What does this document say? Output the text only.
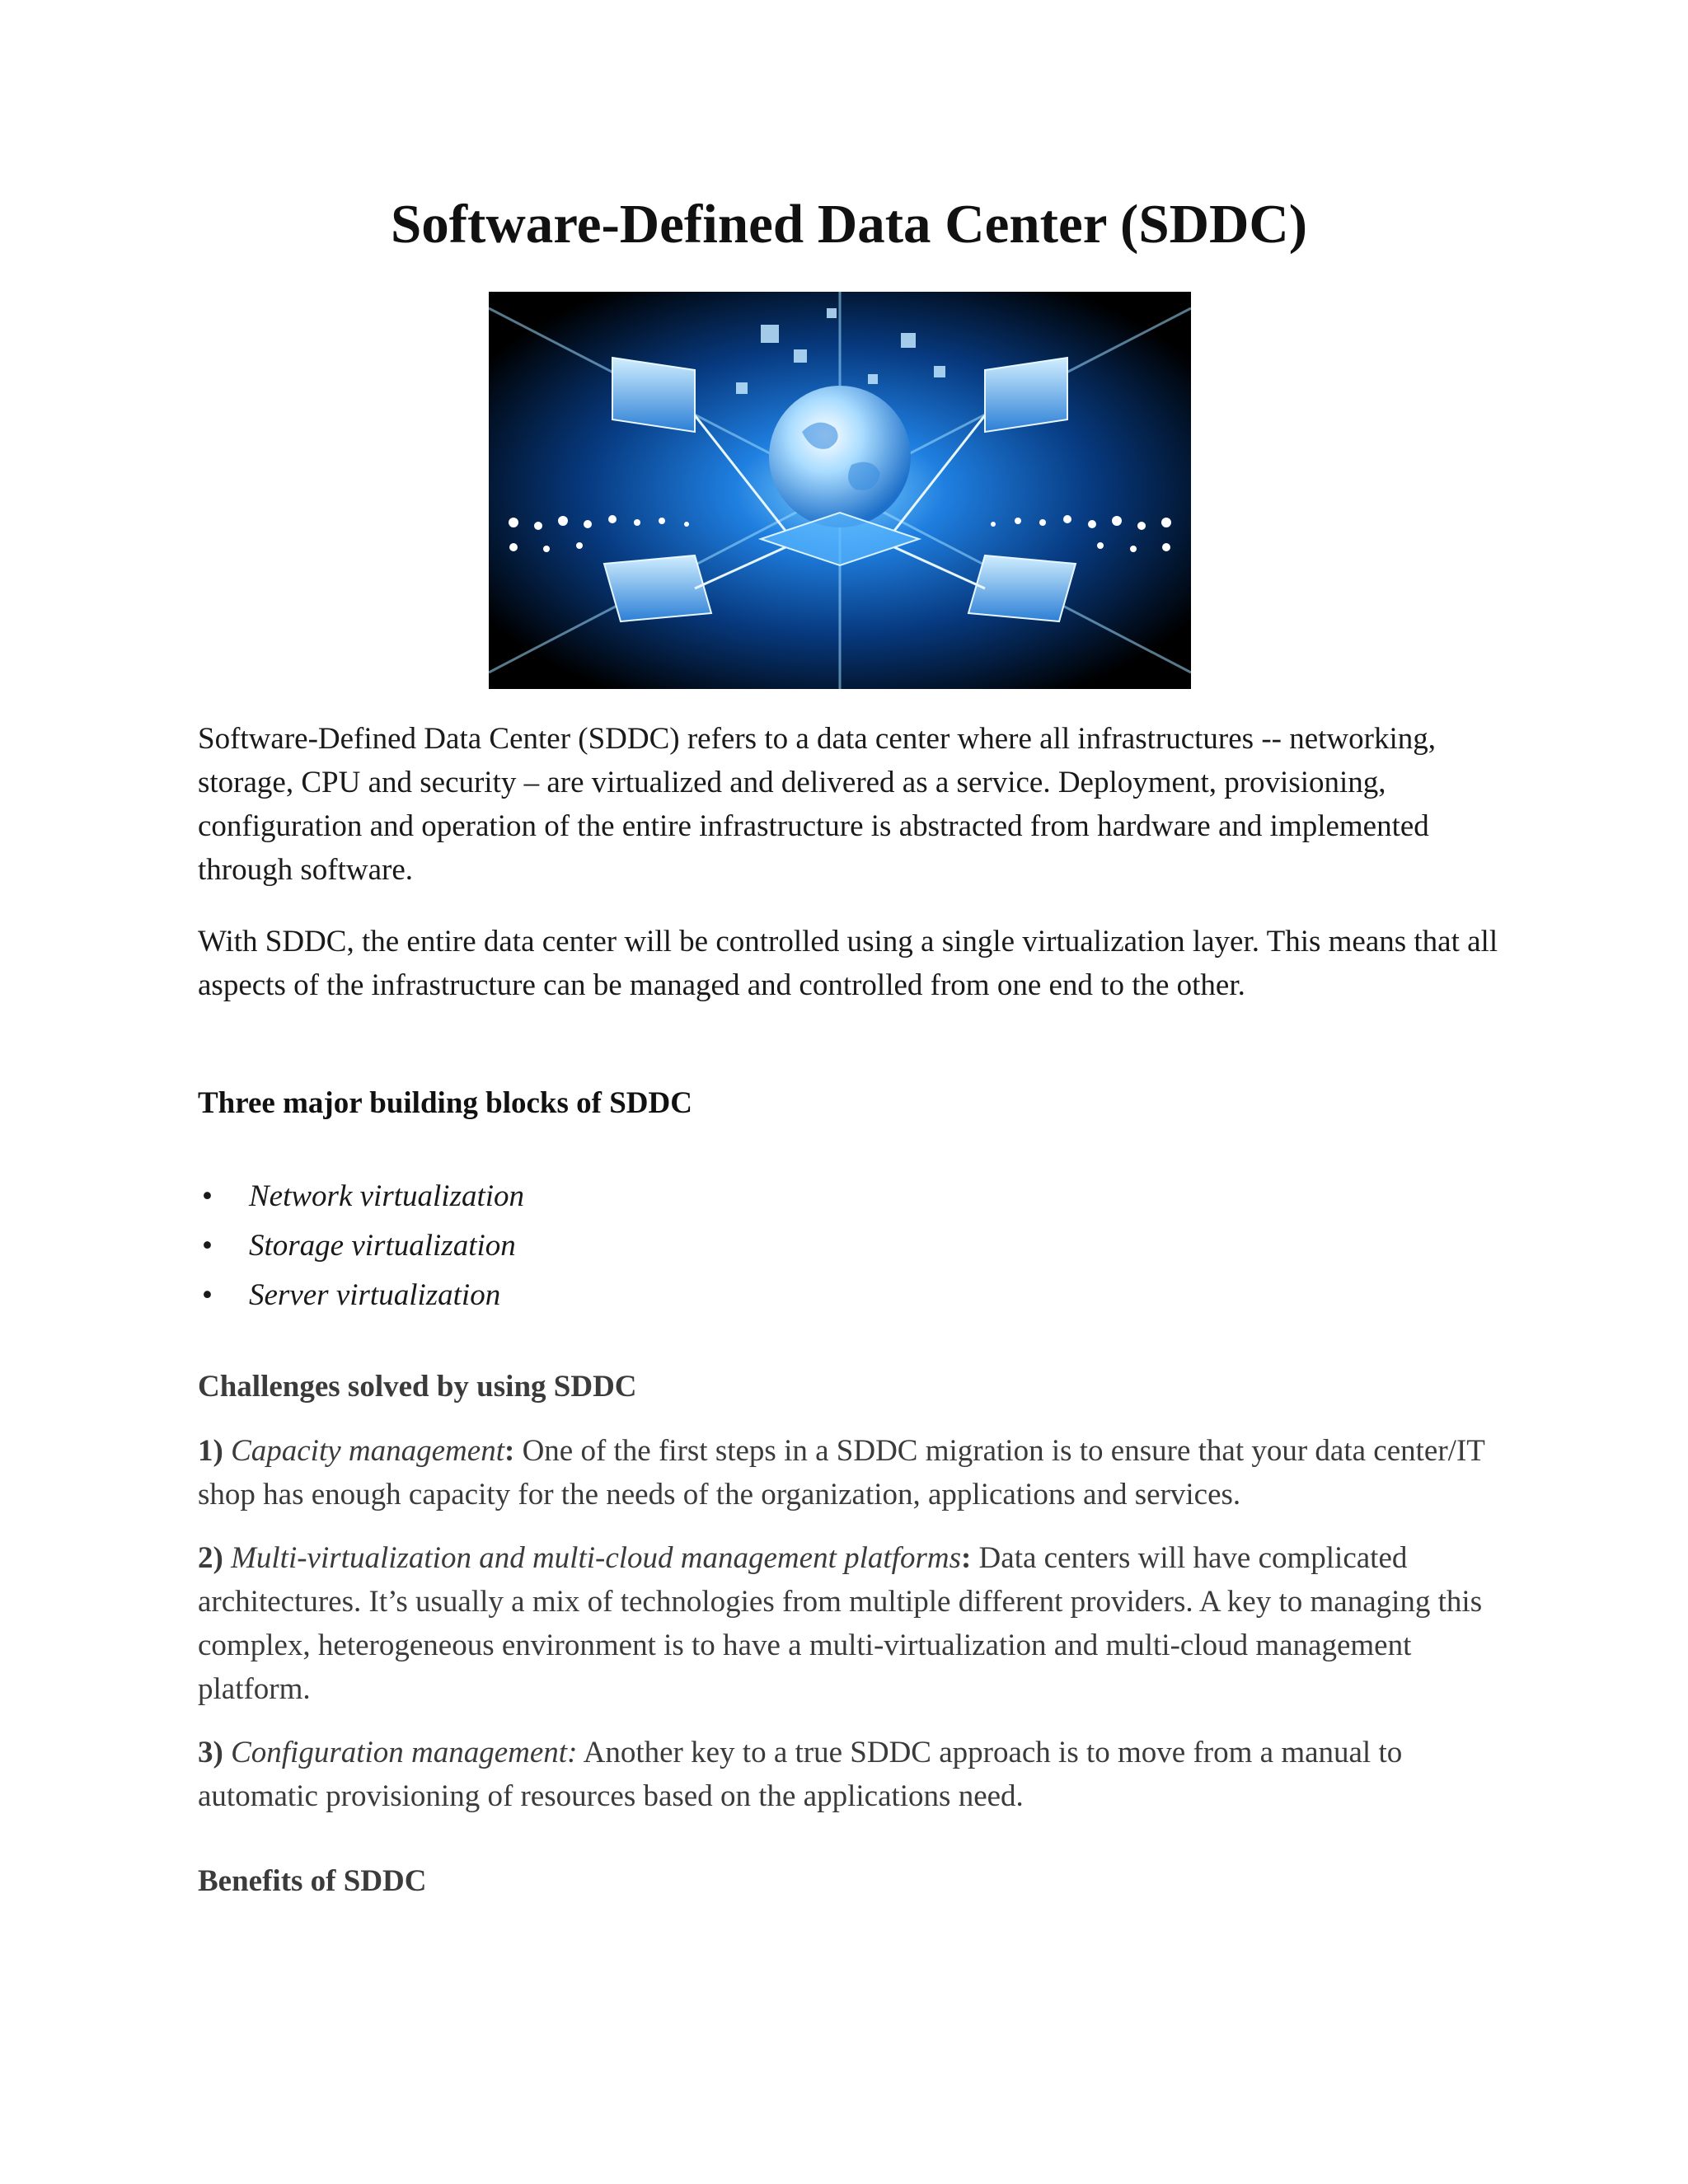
Software-Defined Data Center (SDDC)

Software-Defined Data Center (SDDC) refers to a data center where all infrastructures -- networking, storage, CPU and security – are virtualized and delivered as a service. Deployment, provisioning, configuration and operation of the entire infrastructure is abstracted from hardware and implemented through software.

With SDDC, the entire data center will be controlled using a single virtualization layer. This means that all aspects of the infrastructure can be managed and controlled from one end to the other.

Three major building blocks of SDDC

• Network virtualization
• Storage virtualization
• Server virtualization

Challenges solved by using SDDC

1) Capacity management: One of the first steps in a SDDC migration is to ensure that your data center/IT shop has enough capacity for the needs of the organization, applications and services.

2) Multi-virtualization and multi-cloud management platforms: Data centers will have complicated architectures. It’s usually a mix of technologies from multiple different providers. A key to managing this complex, heterogeneous environment is to have a multi-virtualization and multi-cloud management platform.

3) Configuration management: Another key to a true SDDC approach is to move from a manual to automatic provisioning of resources based on the applications need.

Benefits of SDDC
